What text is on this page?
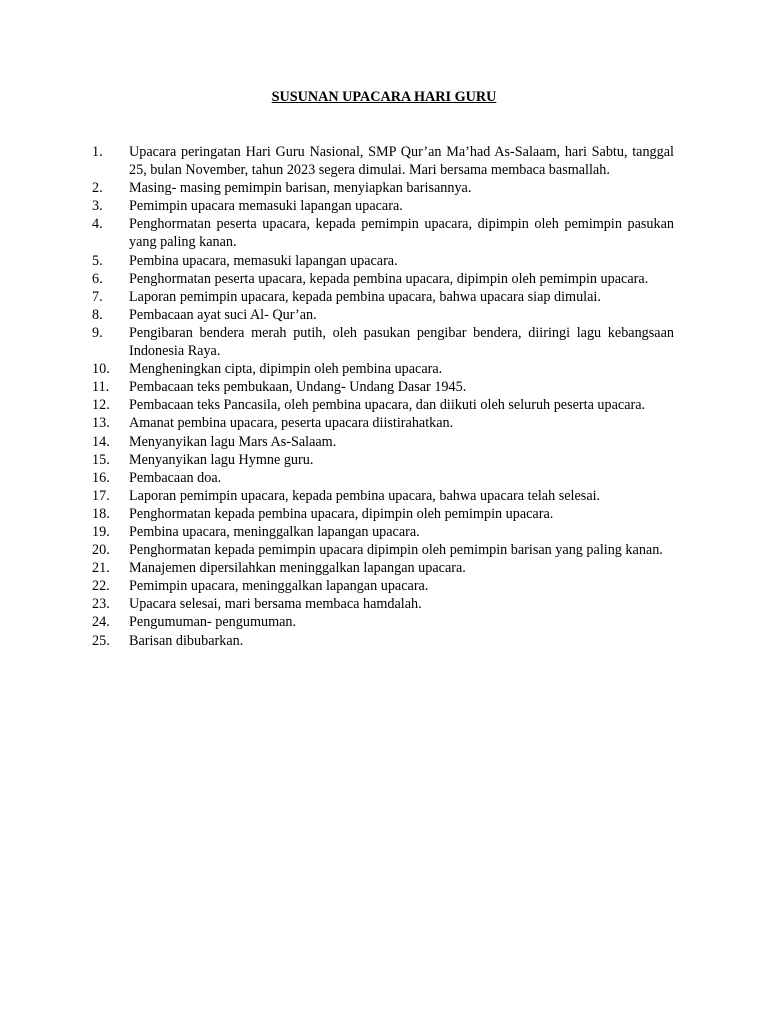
SUSUNAN UPACARA HARI GURU
1.	Upacara peringatan Hari Guru Nasional, SMP Qur’an Ma’had As-Salaam, hari Sabtu, tanggal 25, bulan November, tahun 2023 segera dimulai. Mari bersama membaca basmallah.
2.	Masing- masing pemimpin barisan, menyiapkan barisannya.
3.	Pemimpin upacara memasuki lapangan upacara.
4.	Penghormatan peserta upacara, kepada pemimpin upacara, dipimpin oleh pemimpin pasukan yang paling kanan.
5.	Pembina upacara, memasuki lapangan upacara.
6.	Penghormatan peserta upacara, kepada pembina upacara, dipimpin oleh pemimpin upacara.
7.	Laporan pemimpin upacara, kepada pembina upacara, bahwa upacara siap dimulai.
8.	Pembacaan ayat suci Al- Qur’an.
9.	Pengibaran bendera merah putih, oleh pasukan pengibar bendera, diiringi lagu kebangsaan Indonesia Raya.
10.	Mengheningkan cipta, dipimpin oleh pembina upacara.
11.	Pembacaan teks pembukaan, Undang- Undang Dasar 1945.
12.	Pembacaan teks Pancasila, oleh pembina upacara, dan diikuti oleh seluruh peserta upacara.
13.	Amanat pembina upacara, peserta upacara diistirahatkan.
14.	Menyanyikan lagu Mars As-Salaam.
15.	Menyanyikan lagu Hymne guru.
16.	Pembacaan doa.
17.	Laporan pemimpin upacara, kepada pembina upacara, bahwa upacara telah selesai.
18.	Penghormatan kepada pembina upacara, dipimpin oleh pemimpin upacara.
19.	Pembina upacara, meninggalkan lapangan upacara.
20.	Penghormatan kepada pemimpin upacara dipimpin oleh pemimpin barisan yang paling kanan.
21.	Manajemen dipersilahkan meninggalkan lapangan upacara.
22.	Pemimpin upacara, meninggalkan lapangan upacara.
23.	Upacara selesai, mari bersama membaca hamdalah.
24.	Pengumuman- pengumuman.
25.	Barisan dibubarkan.
